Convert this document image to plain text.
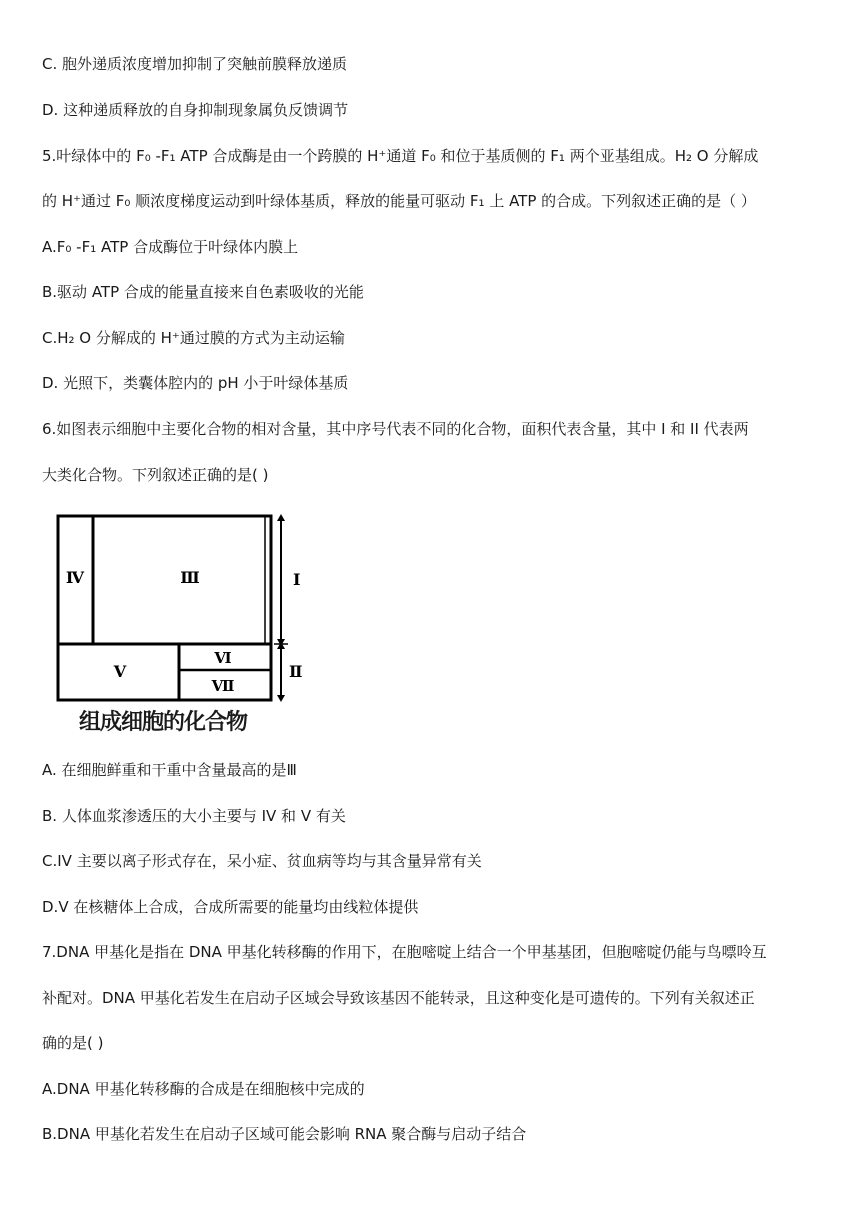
C. 胞外递质浓度增加抑制了突触前膜释放递质
D. 这种递质释放的自身抑制现象属负反馈调节
5.叶绿体中的 F₀ -F₁ ATP 合成酶是由一个跨膜的 H⁺通道 F₀ 和位于基质侧的 F₁ 两个亚基组成。H₂ O 分解成
的 H⁺通过 F₀ 顺浓度梯度运动到叶绿体基质，释放的能量可驱动 F₁ 上 ATP 的合成。下列叙述正确的是（ ）
A.F₀ -F₁ ATP 合成酶位于叶绿体内膜上
B.驱动 ATP 合成的能量直接来自色素吸收的光能
C.H₂ O 分解成的 H⁺通过膜的方式为主动运输
D. 光照下，类囊体腔内的 pH 小于叶绿体基质
6.如图表示细胞中主要化合物的相对含量，其中序号代表不同的化合物，面积代表含量，其中 I 和 II 代表两
大类化合物。下列叙述正确的是( )
Ⅳ	Ⅲ
Ⅴ
Ⅵ
Ⅶ
Ⅰ
Ⅱ
组成细胞的化合物
A. 在细胞鲜重和干重中含量最高的是Ⅲ
B. 人体血浆渗透压的大小主要与 IV 和 V 有关
C.IV 主要以离子形式存在，呆小症、贫血病等均与其含量异常有关
D.V 在核糖体上合成，合成所需要的能量均由线粒体提供
7.DNA 甲基化是指在 DNA 甲基化转移酶的作用下，在胞嘧啶上结合一个甲基基团，但胞嘧啶仍能与鸟嘌呤互
补配对。DNA 甲基化若发生在启动子区域会导致该基因不能转录，且这种变化是可遗传的。下列有关叙述正
确的是( )
A.DNA 甲基化转移酶的合成是在细胞核中完成的
B.DNA 甲基化若发生在启动子区域可能会影响 RNA 聚合酶与启动子结合
